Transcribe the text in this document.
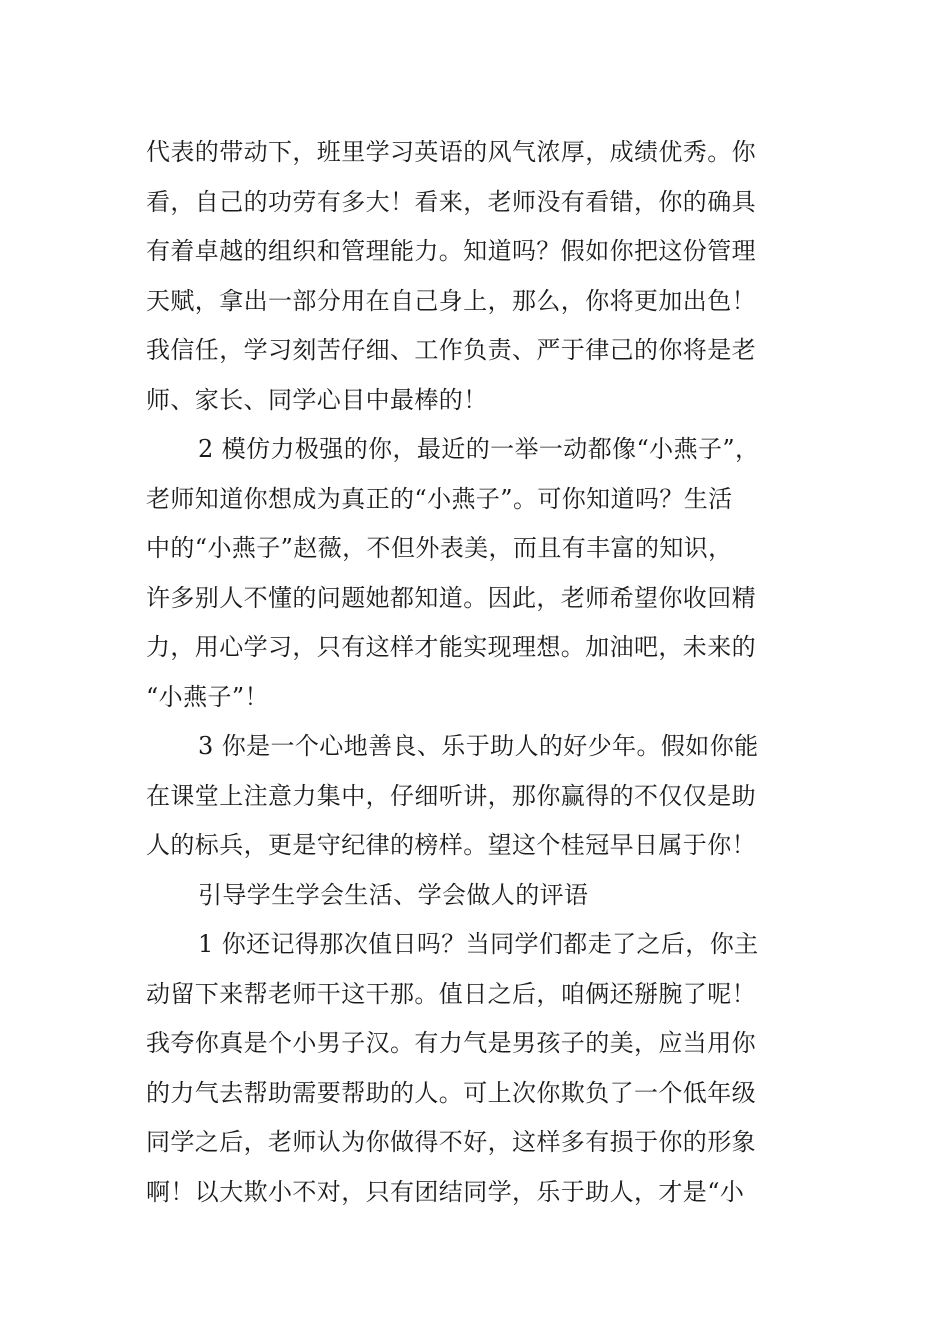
代表的带动下，班里学习英语的风气浓厚，成绩优秀。你
看，自己的功劳有多大！看来，老师没有看错，你的确具
有着卓越的组织和管理能力。知道吗？假如你把这份管理
天赋，拿出一部分用在自己身上，那么，你将更加出色！
我信任，学习刻苦仔细、工作负责、严于律己的你将是老
师、家长、同学心目中最棒的！
2 模仿力极强的你，最近的一举一动都像“小燕子”，
老师知道你想成为真正的“小燕子”。可你知道吗？生活
中的“小燕子”赵薇，不但外表美，而且有丰富的知识，
许多别人不懂的问题她都知道。因此，老师希望你收回精
力，用心学习，只有这样才能实现理想。加油吧，未来的
“小燕子”！
3 你是一个心地善良、乐于助人的好少年。假如你能
在课堂上注意力集中，仔细听讲，那你赢得的不仅仅是助
人的标兵，更是守纪律的榜样。望这个桂冠早日属于你！
引导学生学会生活、学会做人的评语
1 你还记得那次值日吗？当同学们都走了之后，你主
动留下来帮老师干这干那。值日之后，咱俩还掰腕了呢！
我夸你真是个小男子汉。有力气是男孩子的美，应当用你
的力气去帮助需要帮助的人。可上次你欺负了一个低年级
同学之后，老师认为你做得不好，这样多有损于你的形象
啊！以大欺小不对，只有团结同学，乐于助人，才是“小
